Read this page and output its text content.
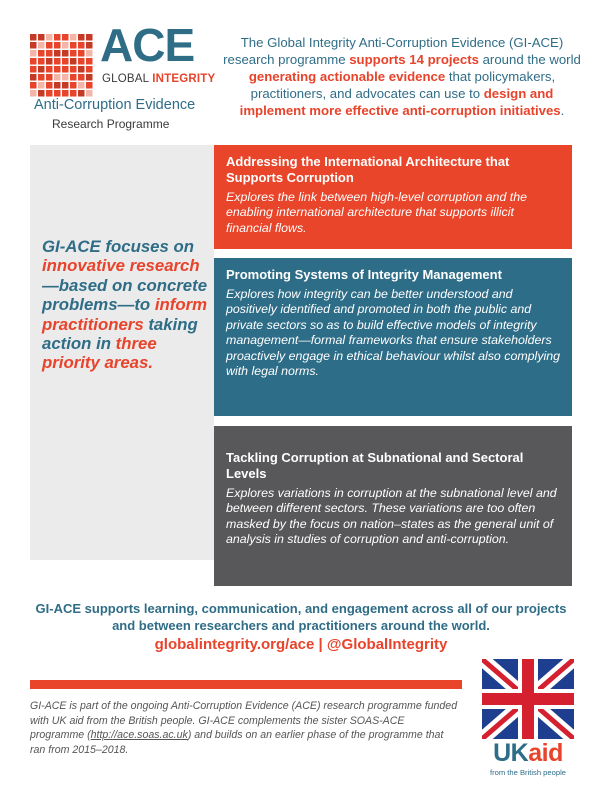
ACE
GLOBAL INTEGRITY
Anti-Corruption Evidence
Research Programme
The Global Integrity Anti-Corruption Evidence (GI-ACE) research programme supports 14 projects around the world generating actionable evidence that policymakers, practitioners, and advocates can use to design and implement more effective anti-corruption initiatives.
GI-ACE focuses on innovative research—based on concrete problems—to inform practitioners taking action in three priority areas.
Addressing the International Architecture that Supports Corruption
Explores the link between high-level corruption and the enabling international architecture that supports illicit financial flows.
Promoting Systems of Integrity Management
Explores how integrity can be better understood and positively identified and promoted in both the public and private sectors so as to build effective models of integrity management—formal frameworks that ensure stakeholders proactively engage in ethical behaviour whilst also complying with legal norms.
Tackling Corruption at Subnational and Sectoral Levels
Explores variations in corruption at the subnational level and between different sectors. These variations are too often masked by the focus on nation–states as the general unit of analysis in studies of corruption and anti-corruption.
GI-ACE supports learning, communication, and engagement across all of our projects and between researchers and practitioners around the world.
globalintegrity.org/ace | @GlobalIntegrity
GI-ACE is part of the ongoing Anti-Corruption Evidence (ACE) research programme funded with UK aid from the British people. GI-ACE complements the sister SOAS-ACE programme (http://ace.soas.ac.uk) and builds on an earlier phase of the programme that ran from 2015–2018.	UKaid
from the British people
